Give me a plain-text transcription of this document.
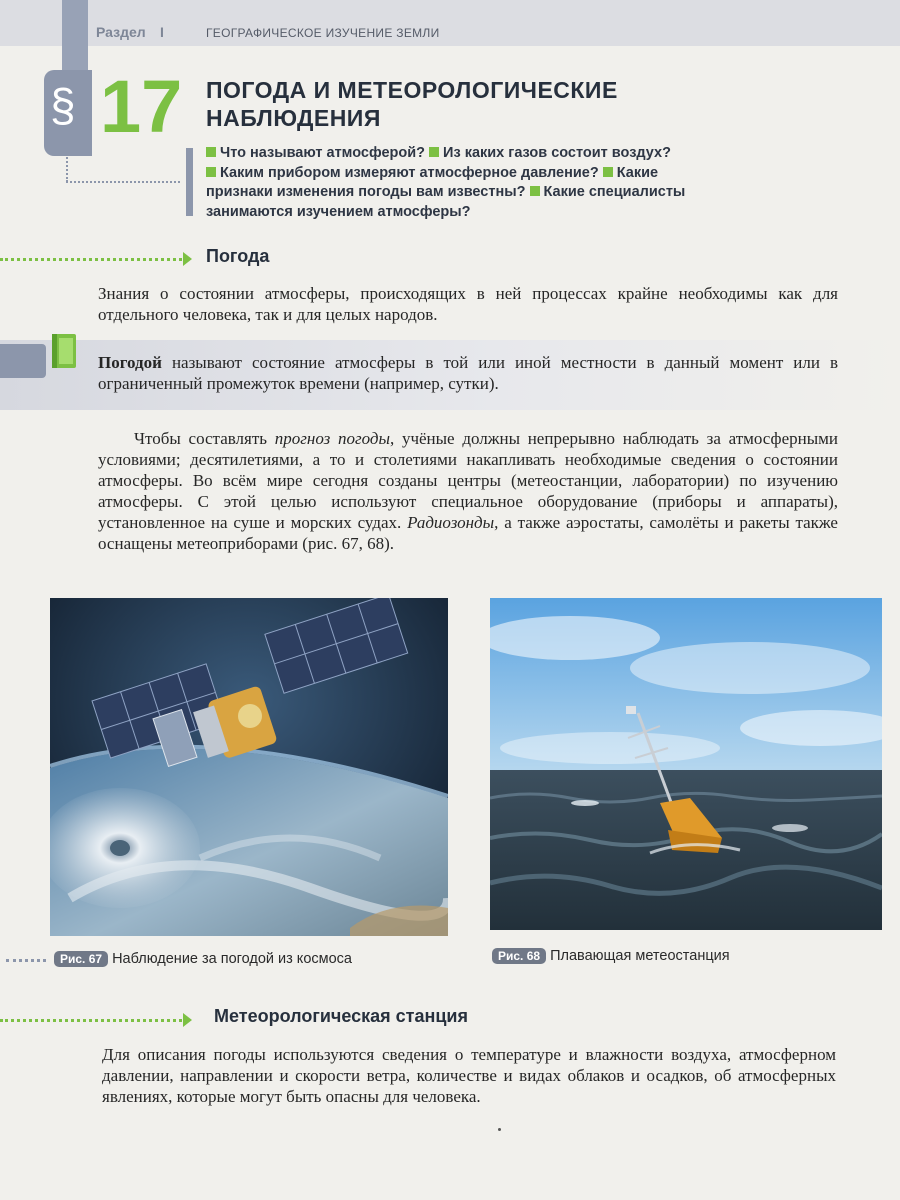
Раздел I	ГЕОГРАФИЧЕСКОЕ ИЗУЧЕНИЕ ЗЕМЛИ
§ 17 ПОГОДА И МЕТЕОРОЛОГИЧЕСКИЕ
НАБЛЮДЕНИЯ
Что называют атмосферой? Из каких газов состоит воздух?
Каким прибором измеряют атмосферное давление? Какие
признаки изменения погоды вам известны? Какие специалисты
занимаются изучением атмосферы?
Погода
Знания о состоянии атмосферы, происходящих в ней процессах крайне необходимы как для отдельного человека, так и для целых народов.
Погодой называют состояние атмосферы в той или иной местности в данный момент или в ограниченный промежуток времени (например, сутки).
Чтобы составлять прогноз погоды, учёные должны непрерывно наблюдать за атмосферными условиями; десятилетиями, а то и столетиями накапливать необходимые сведения о состоянии атмосферы. Во всём мире сегодня созданы центры (метеостанции, лаборатории) по изучению атмосферы. С этой целью используют специальное оборудование (приборы и аппараты), установленное на суше и морских судах. Радиозонды, а также аэростаты, самолёты и ракеты также оснащены метеоприборами (рис. 67, 68).
Рис. 67 Наблюдение за погодой из космоса	Рис. 68 Плавающая метеостанция
Метеорологическая станция
Для описания погоды используются сведения о температуре и влажности воздуха, атмосферном давлении, направлении и скорости ветра, количестве и видах облаков и осадков, об атмосферных явлениях, которые могут быть опасны для человека.
